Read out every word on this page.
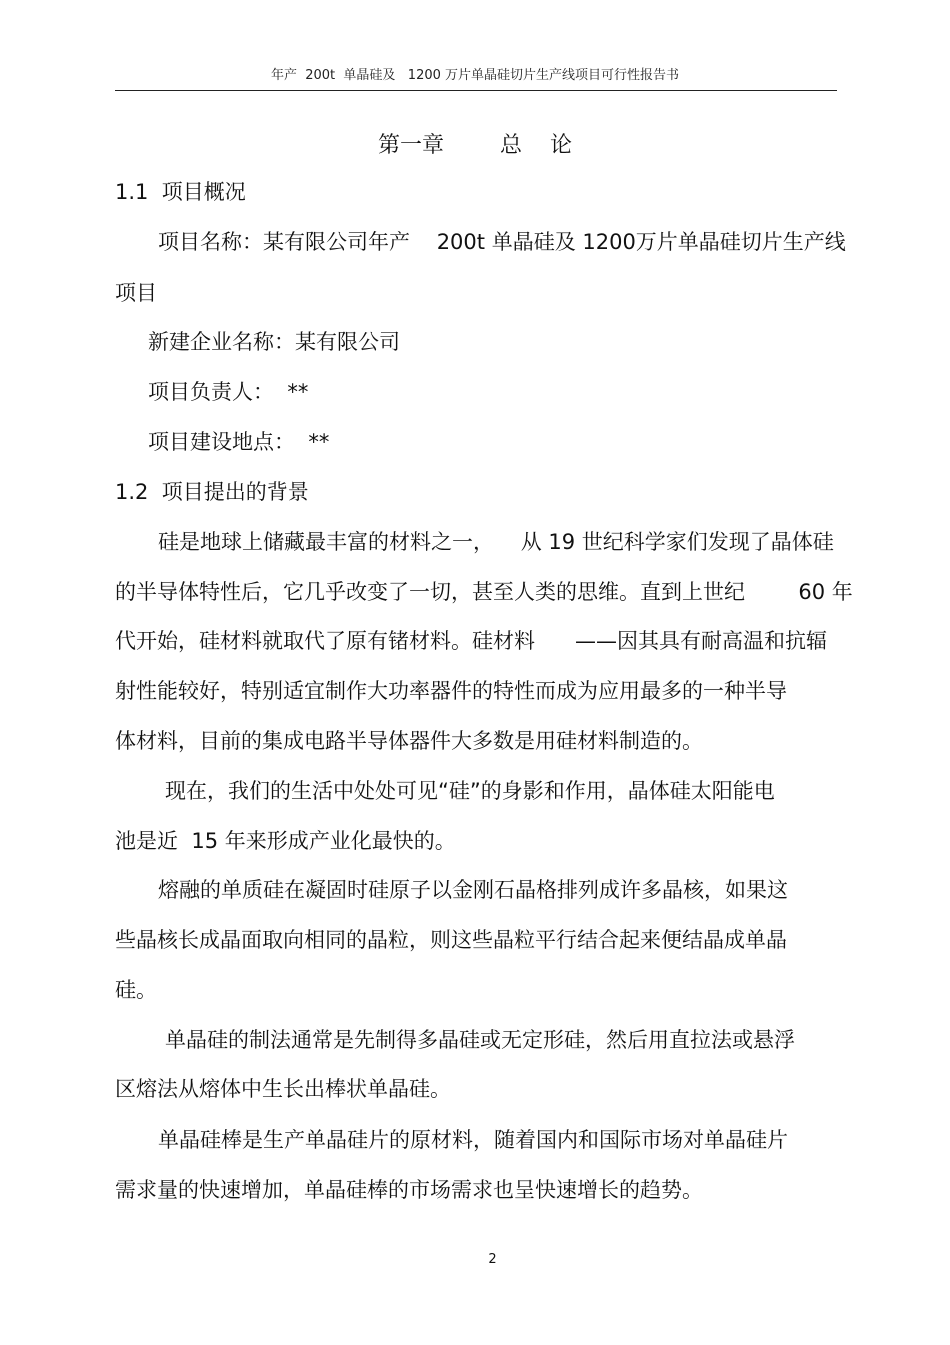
年产  200t  单晶硅及   1200 万片单晶硅切片生产线项目可行性报告书
第一章        总    论
1.1  项目概况
项目名称：某有限公司年产    200t 单晶硅及 1200万片单晶硅切片生产线
项目
新建企业名称：某有限公司
项目负责人：  **
项目建设地点：  **
1.2  项目提出的背景
硅是地球上储藏最丰富的材料之一，    从 19 世纪科学家们发现了晶体硅
的半导体特性后，它几乎改变了一切，甚至人类的思维。直到上世纪        60 年
代开始，硅材料就取代了原有锗材料。硅材料      ——因其具有耐高温和抗辐
射性能较好，特别适宜制作大功率器件的特性而成为应用最多的一种半导
体材料，目前的集成电路半导体器件大多数是用硅材料制造的。
现在，我们的生活中处处可见“硅”的身影和作用，晶体硅太阳能电
池是近  15 年来形成产业化最快的。
熔融的单质硅在凝固时硅原子以金刚石晶格排列成许多晶核，如果这
些晶核长成晶面取向相同的晶粒，则这些晶粒平行结合起来便结晶成单晶
硅。
单晶硅的制法通常是先制得多晶硅或无定形硅，然后用直拉法或悬浮
区熔法从熔体中生长出棒状单晶硅。
单晶硅棒是生产单晶硅片的原材料，随着国内和国际市场对单晶硅片
需求量的快速增加，单晶硅棒的市场需求也呈快速增长的趋势。
2
